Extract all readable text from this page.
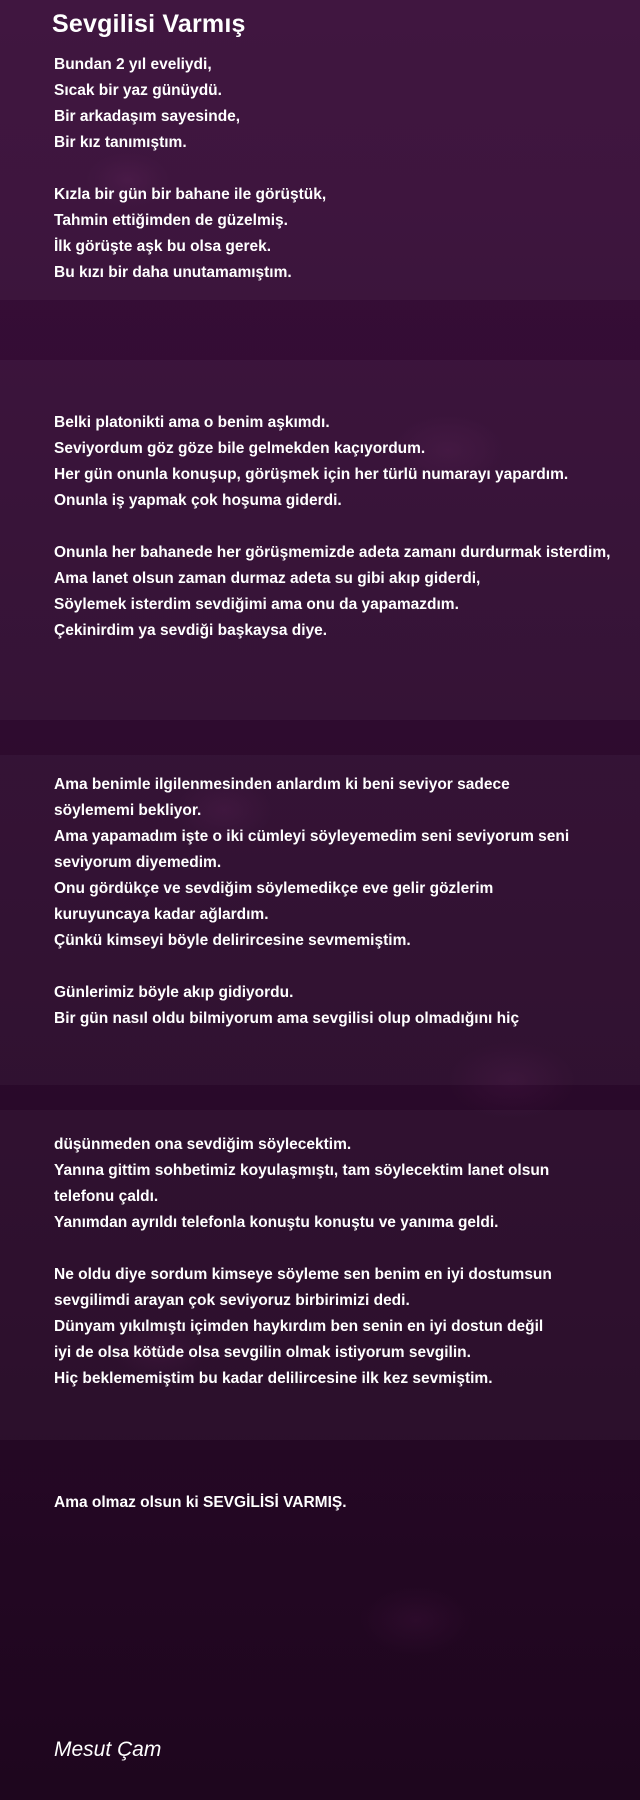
Sevgilisi Varmış
Bundan 2 yıl eveliydi,
Sıcak bir yaz günüydü.
Bir arkadaşım sayesinde,
Bir kız tanımıştım.
Kızla bir gün bir bahane ile görüştük,
Tahmin ettiğimden de güzelmiş.
İlk görüşte aşk bu olsa gerek.
Bu kızı bir daha unutamamıştım.
Belki platonikti ama o benim aşkımdı.
Seviyordum göz göze bile gelmekden kaçıyordum.
Her gün onunla konuşup, görüşmek için her türlü numarayı yapardım.
Onunla iş yapmak çok hoşuma giderdi.
Onunla her bahanede her görüşmemizde adeta zamanı durdurmak isterdim,
Ama lanet olsun zaman durmaz adeta su gibi akıp giderdi,
Söylemek isterdim sevdiğimi ama onu da yapamazdım.
Çekinirdim ya sevdiği başkaysa diye.
Ama benimle ilgilenmesinden anlardım ki beni seviyor sadece söylememi bekliyor.
Ama yapamadım işte o iki cümleyi söyleyemedim seni seviyorum seni seviyorum diyemedim.
Onu gördükçe ve sevdiğim söylemedikçe eve gelir gözlerim kuruyuncaya kadar ağlardım.
Çünkü kimseyi böyle delirircesine sevmemiştim.
Günlerimiz böyle akıp gidiyordu.
Bir gün nasıl oldu bilmiyorum ama sevgilisi olup olmadığını hiç
düşünmeden ona sevdiğim söylecektim.
Yanına gittim sohbetimiz koyulaşmıştı, tam söylecektim lanet olsun telefonu çaldı.
Yanımdan ayrıldı telefonla konuştu konuştu ve yanıma geldi.
Ne oldu diye sordum kimseye söyleme sen benim en iyi dostumsun
sevgilimdi arayan çok seviyoruz birbirimizi dedi.
Dünyam yıkılmıştı içimden haykırdım ben senin en iyi dostun değil
iyi de olsa kötüde olsa sevgilin olmak istiyorum sevgilin.
Hiç beklememiştim bu kadar delilircesine ilk kez sevmiştim.
Ama olmaz olsun ki SEVGİLİSİ VARMIŞ.
Mesut Çam
